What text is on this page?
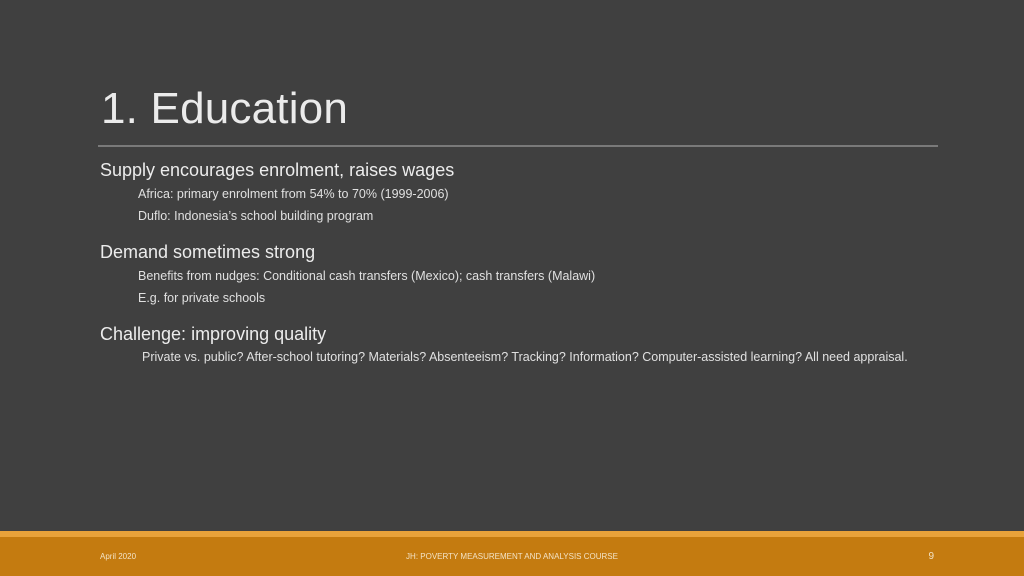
1. Education
Supply encourages enrolment, raises wages
Africa: primary enrolment from 54% to 70% (1999-2006)
Duflo: Indonesia’s school building program
Demand sometimes strong
Benefits from nudges: Conditional cash transfers (Mexico); cash transfers (Malawi)
E.g. for private schools
Challenge: improving quality
Private vs. public? After-school tutoring? Materials? Absenteeism? Tracking? Information? Computer-assisted learning? All need appraisal.
April 2020	JH: POVERTY MEASUREMENT AND ANALYSIS COURSE	9
